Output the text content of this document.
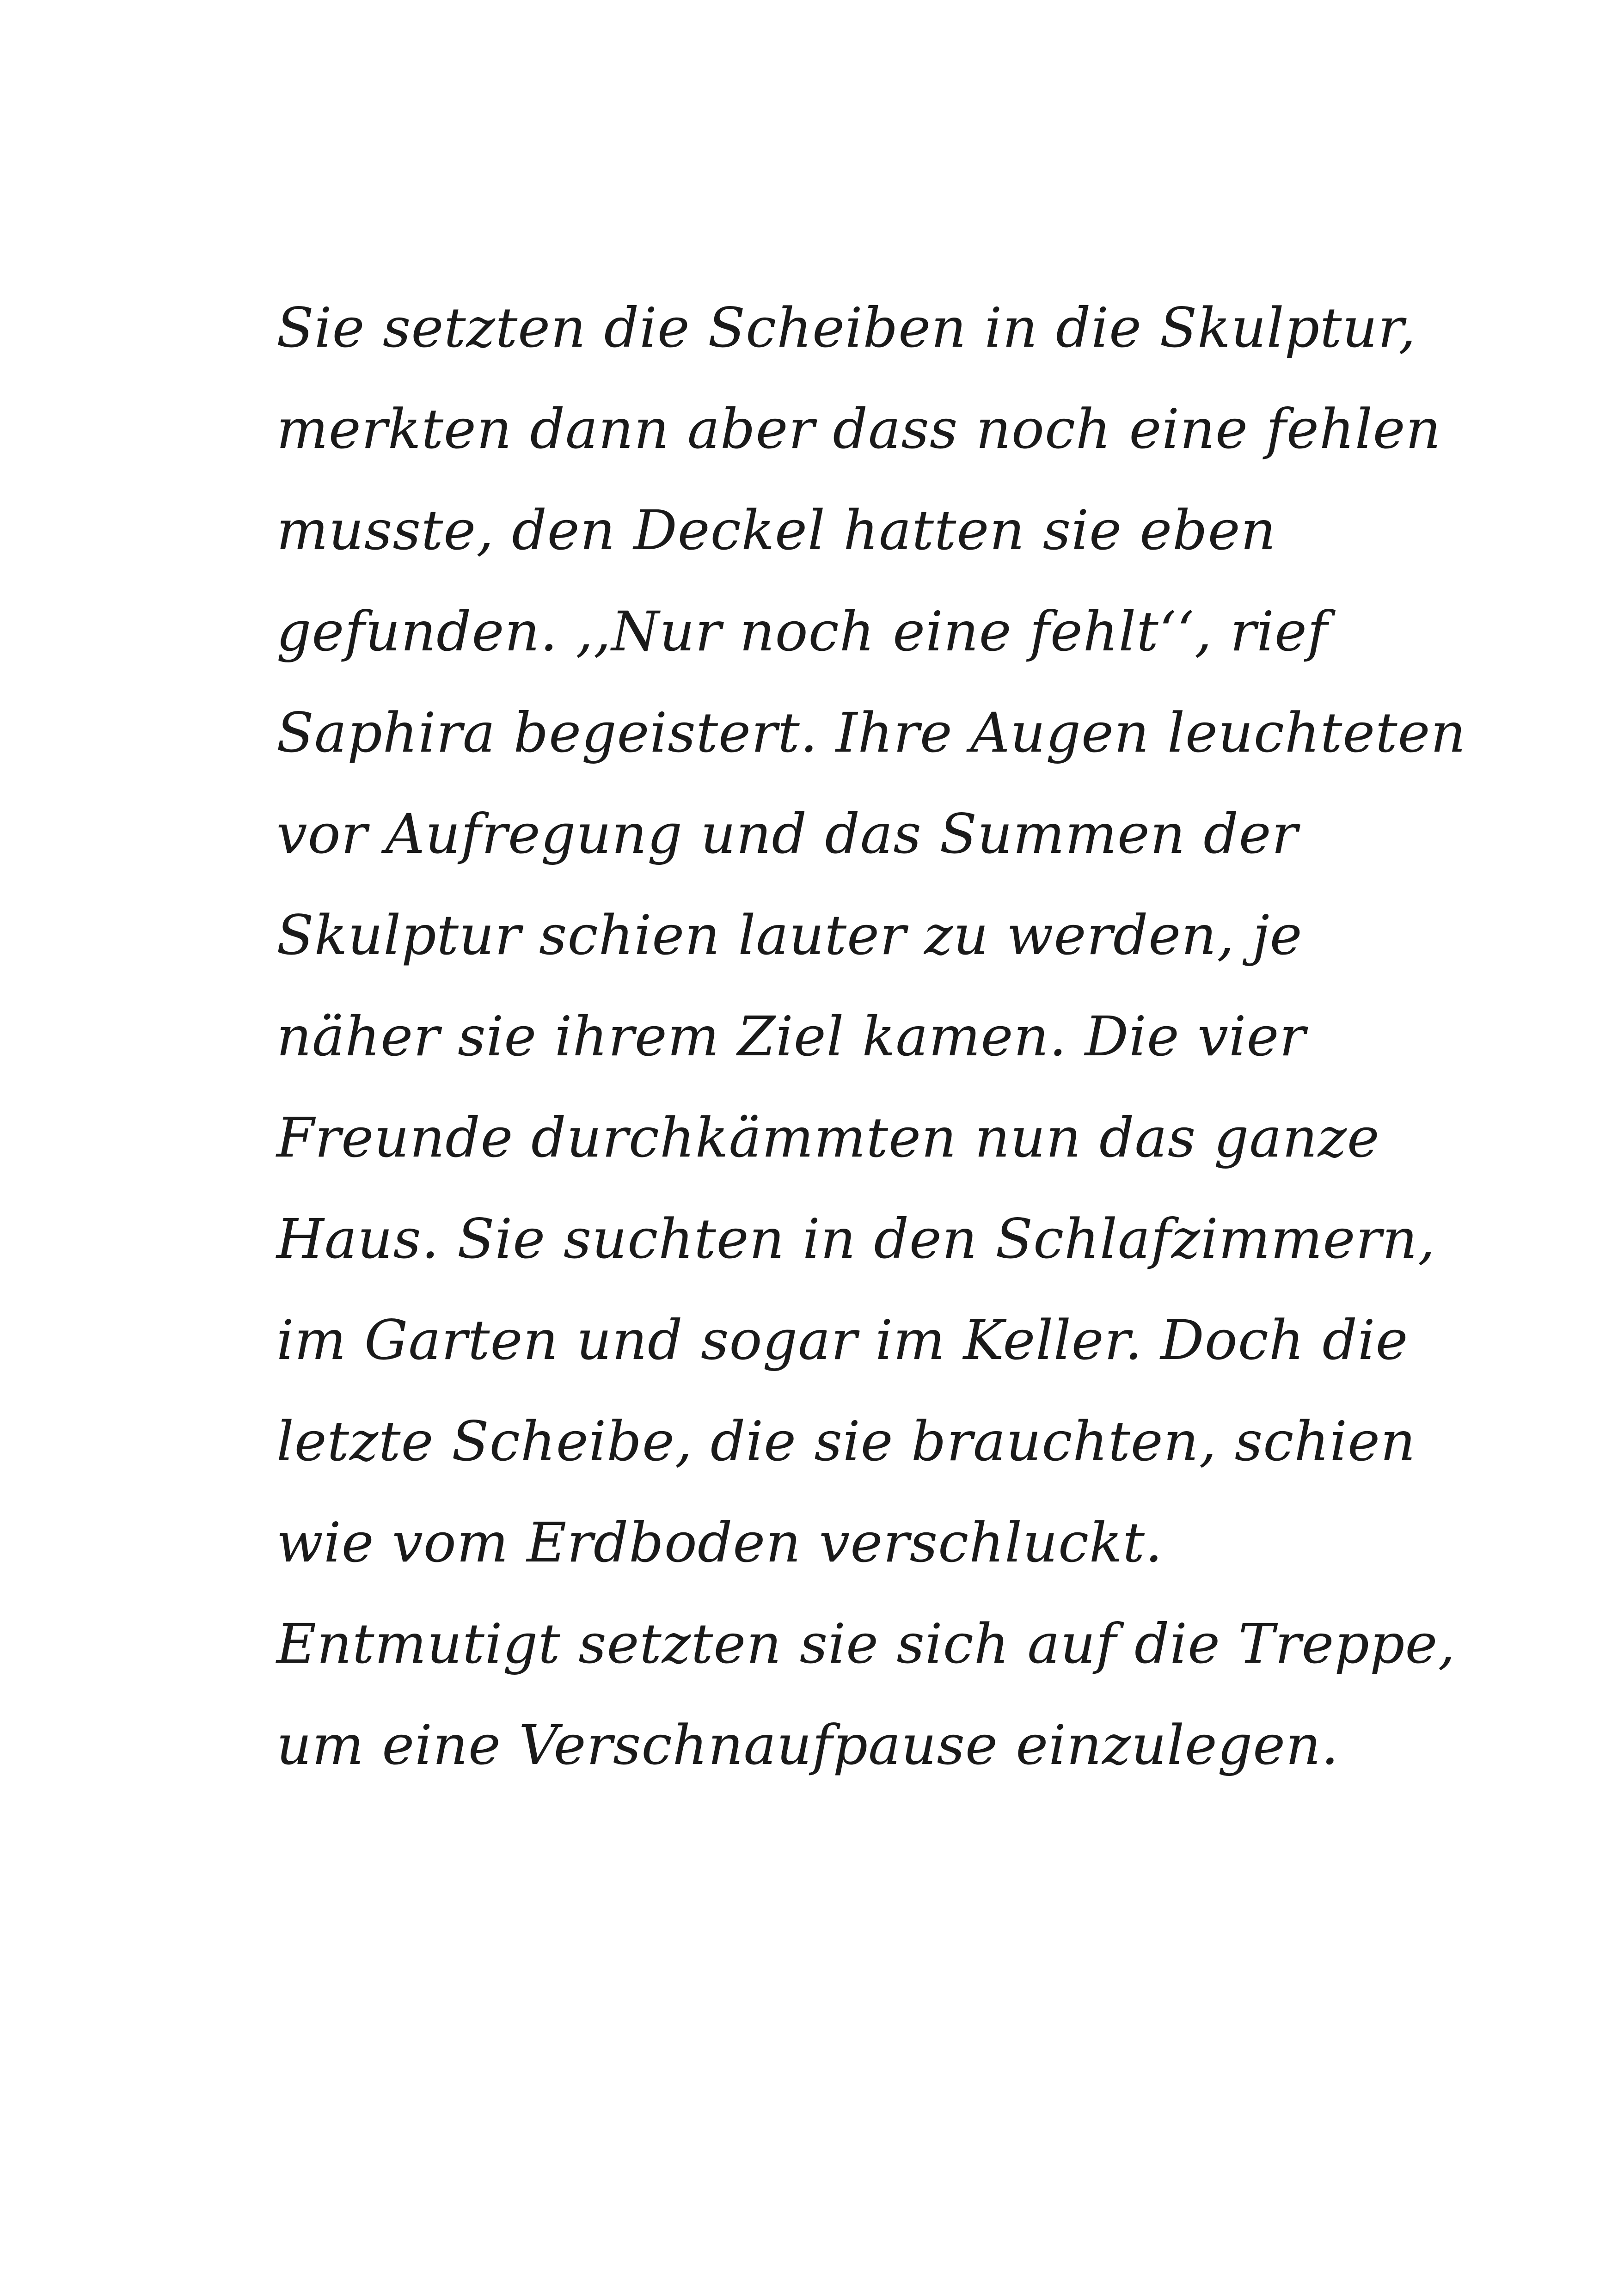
Sie setzten die Scheiben in die Skulptur,
merkten dann aber dass noch eine fehlen
musste, den Deckel hatten sie eben
gefunden. ,,Nur noch eine fehlt‘‘, rief
Saphira begeistert. Ihre Augen leuchteten
vor Aufregung und das Summen der
Skulptur schien lauter zu werden, je
näher sie ihrem Ziel kamen. Die vier
Freunde durchkämmten nun das ganze
Haus. Sie suchten in den Schlafzimmern,
im Garten und sogar im Keller. Doch die
letzte Scheibe, die sie brauchten, schien
wie vom Erdboden verschluckt.
Entmutigt setzten sie sich auf die Treppe,
um eine Verschnaufpause einzulegen.
